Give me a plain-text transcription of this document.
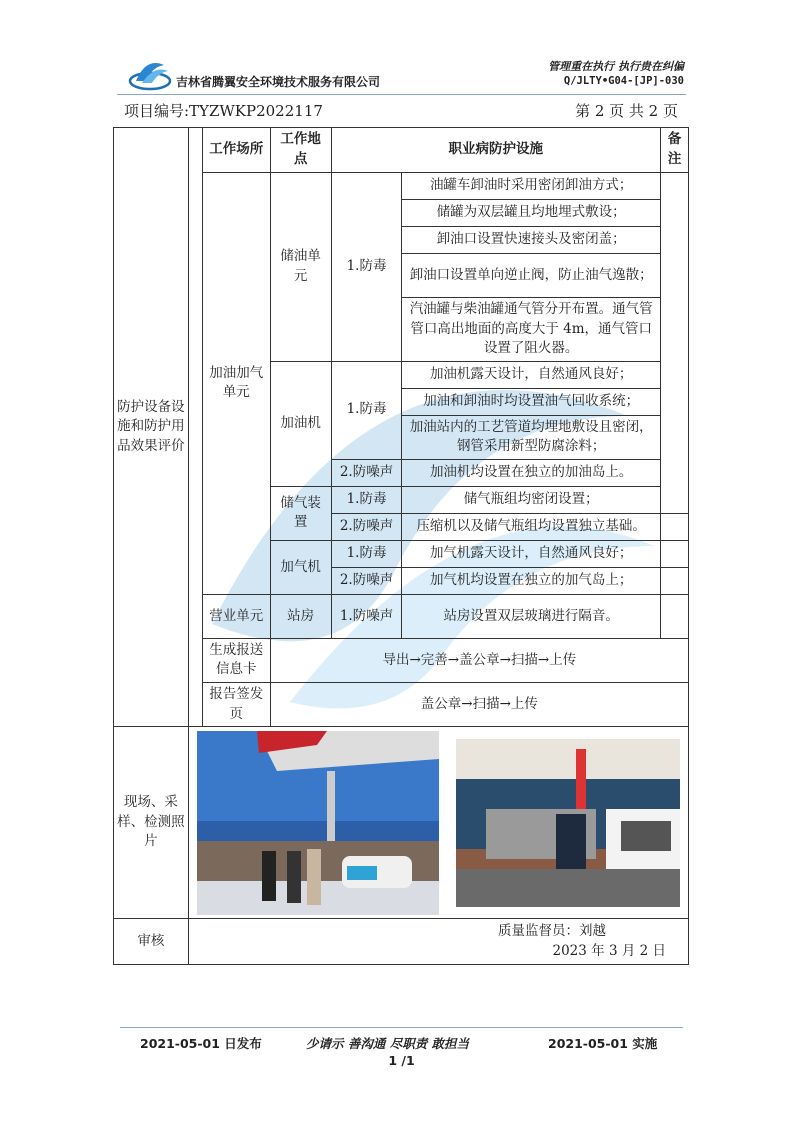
吉林省腾翼安全环境技术服务有限公司
管理重在执行 执行贵在纠偏
Q/JLTY•G04-[JP]-030
项目编号:TYZWKP2022117	第 2 页 共 2 页
防护设备设施和防护用品效果评价		工作场所	工作地点	职业病防护设施		备注
		加油加气单元	储油单元	1.防毒	油罐车卸油时采用密闭卸油方式；	
					储罐为双层罐且均地埋式敷设；	
					卸油口设置快速接头及密闭盖；	
					卸油口设置单向逆止阀，防止油气逸散；	
					汽油罐与柴油罐通气管分开布置。通气管管口高出地面的高度大于 4m，通气管口设置了阻火器。	
			加油机	1.防毒	加油机露天设计，自然通风良好；	
					加油和卸油时均设置油气回收系统；	
					加油站内的工艺管道均埋地敷设且密闭，钢管采用新型防腐涂料；	
				2.防噪声	加油机均设置在独立的加油岛上。	
			储气装置	1.防毒	储气瓶组均密闭设置；	
				2.防噪声	压缩机以及储气瓶组均设置独立基础。	
			加气机	1.防毒	加气机露天设计，自然通风良好；	
				2.防噪声	加气机均设置在独立的加气岛上；	
		营业单元	站房	1.防噪声	站房设置双层玻璃进行隔音。	
		生成报送信息卡	导出→完善→盖公章→扫描→上传			
		报告签发页	盖公章→扫描→上传			
现场、采样、检测照片	
审核	质量监督员：刘越
2023 年 3 月 2 日					
2021-05-01 日发布	少请示 善沟通 尽职责 敢担当	2021-05-01 实施
1 /1
